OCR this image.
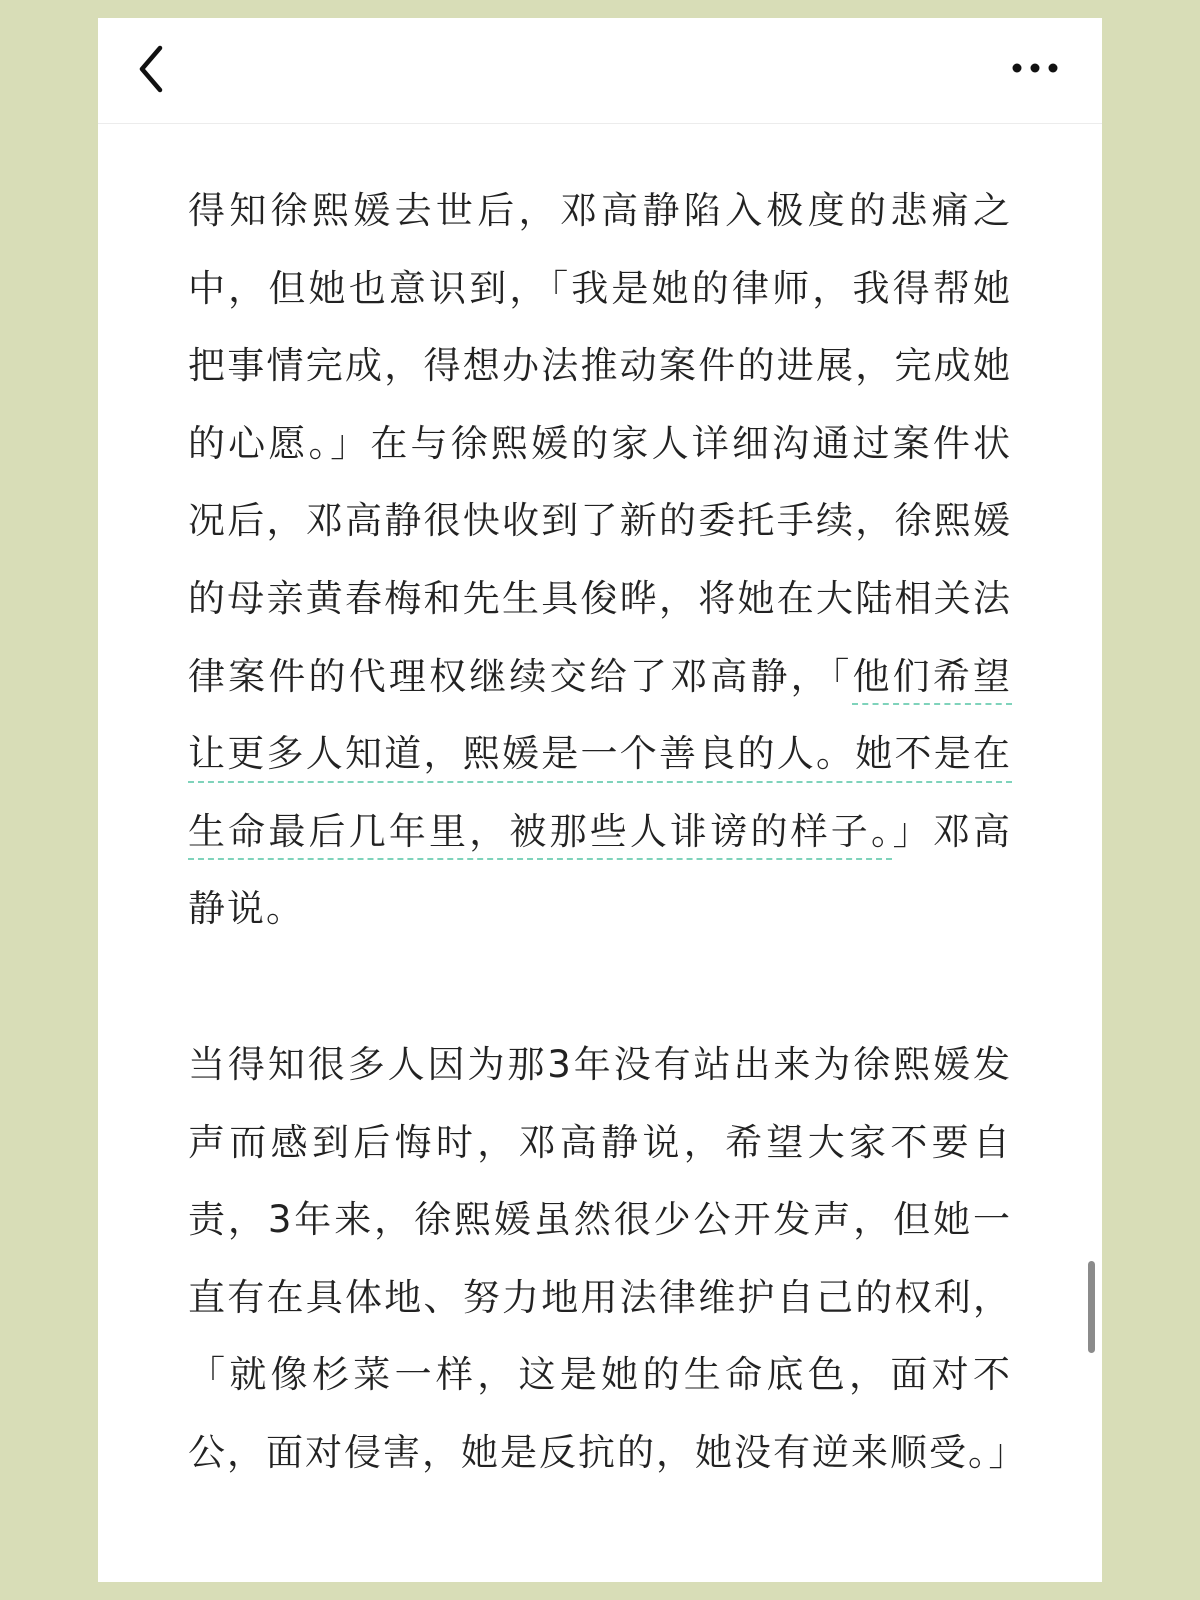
得知徐熙媛去世后，邓高静陷入极度的悲痛之中，但她也意识到，「我是她的律师，我得帮她把事情完成，得想办法推动案件的进展，完成她的心愿。」在与徐熙媛的家人详细沟通过案件状况后，邓高静很快收到了新的委托手续，徐熙媛的母亲黄春梅和先生具俊晔，将她在大陆相关法律案件的代理权继续交给了邓高静，「他们希望让更多人知道，熙媛是一个善良的人。她不是在生命最后几年里，被那些人诽谤的样子。」邓高静说。

当得知很多人因为那3年没有站出来为徐熙媛发声而感到后悔时，邓高静说，希望大家不要自责，3年来，徐熙媛虽然很少公开发声，但她一直有在具体地、努力地用法律维护自己的权利，「就像杉菜一样，这是她的生命底色，面对不公，面对侵害，她是反抗的，她没有逆来顺受。」
